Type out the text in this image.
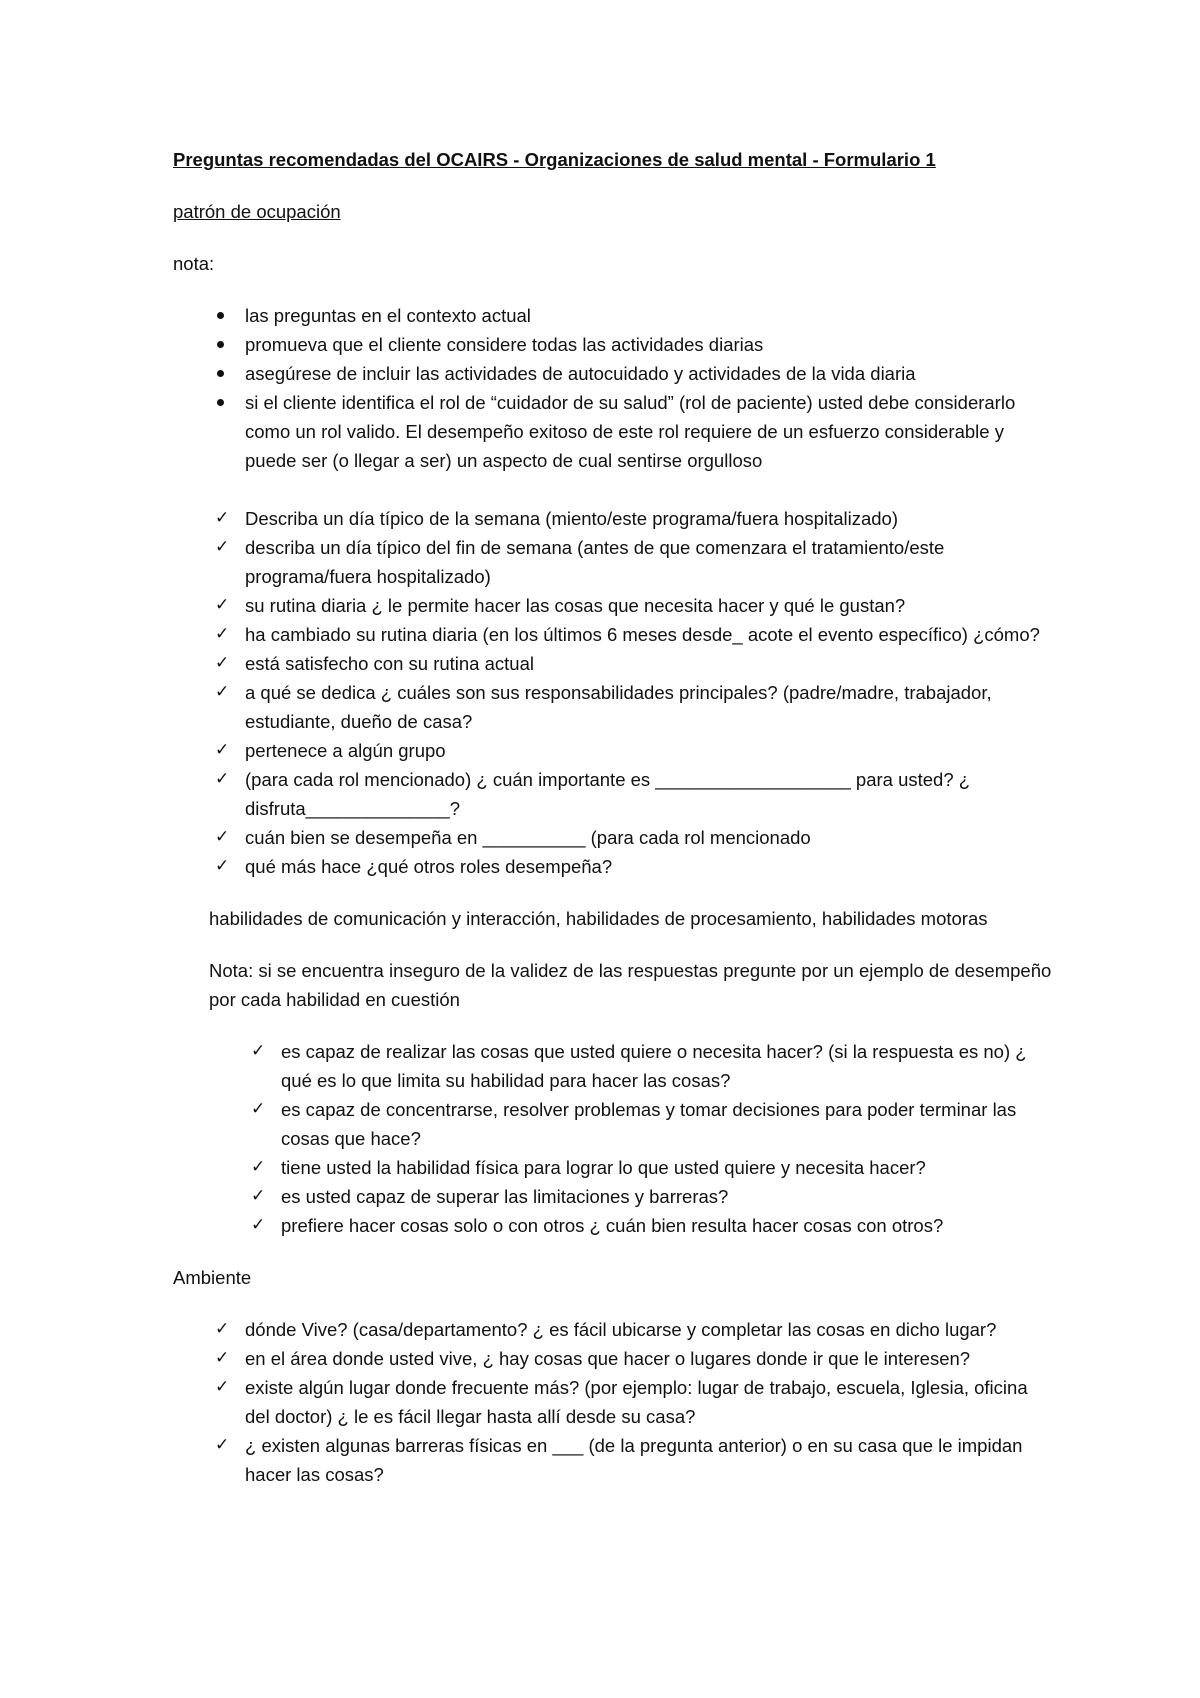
Preguntas recomendadas del OCAIRS - Organizaciones de salud mental - Formulario 1

patrón de ocupación

nota:

las preguntas en el contexto actual
promueva que el cliente considere todas las actividades diarias
asegúrese de incluir las actividades de autocuidado y actividades de la vida diaria
si el cliente identifica el rol de “cuidador de su salud” (rol de paciente) usted debe considerarlo como un rol valido. El desempeño exitoso de este rol requiere de un esfuerzo considerable y puede ser (o llegar a ser) un aspecto de cual sentirse orgulloso
✓ Describa un día típico de la semana (miento/este programa/fuera hospitalizado)
✓ describa un día típico del fin de semana (antes de que comenzara el tratamiento/este programa/fuera hospitalizado)
✓ su rutina diaria ¿ le permite hacer las cosas que necesita hacer y qué le gustan?
✓ ha cambiado su rutina diaria (en los últimos 6 meses desde_ acote el evento específico) ¿cómo?
✓ está satisfecho con su rutina actual
✓ a qué se dedica ¿ cuáles son sus responsabilidades principales? (padre/madre, trabajador, estudiante, dueño de casa?
✓ pertenece a algún grupo
✓ (para cada rol mencionado) ¿ cuán importante es ___________________ para usted? ¿ disfruta______________?
✓ cuán bien se desempeña en __________ (para cada rol mencionado
✓ qué más hace ¿qué otros roles desempeña?

habilidades de comunicación y interacción, habilidades de procesamiento, habilidades motoras

Nota: si se encuentra inseguro de la validez de las respuestas pregunte por un ejemplo de desempeño por cada habilidad en cuestión

✓ es capaz de realizar las cosas que usted quiere o necesita hacer? (si la respuesta es no) ¿ qué es lo que limita su habilidad para hacer las cosas?
✓ es capaz de concentrarse, resolver problemas y tomar decisiones para poder terminar las cosas que hace?
✓ tiene usted la habilidad física para lograr lo que usted quiere y necesita hacer?
✓ es usted capaz de superar las limitaciones y barreras?
✓ prefiere hacer cosas solo o con otros ¿ cuán bien resulta hacer cosas con otros?

Ambiente

✓ dónde Vive? (casa/departamento? ¿ es fácil ubicarse y completar las cosas en dicho lugar?
✓ en el área donde usted vive, ¿ hay cosas que hacer o lugares donde ir que le interesen?
✓ existe algún lugar donde frecuente más? (por ejemplo: lugar de trabajo, escuela, Iglesia, oficina del doctor) ¿ le es fácil llegar hasta allí desde su casa?
✓ ¿ existen algunas barreras físicas en ___ (de la pregunta anterior) o en su casa que le impidan hacer las cosas?
